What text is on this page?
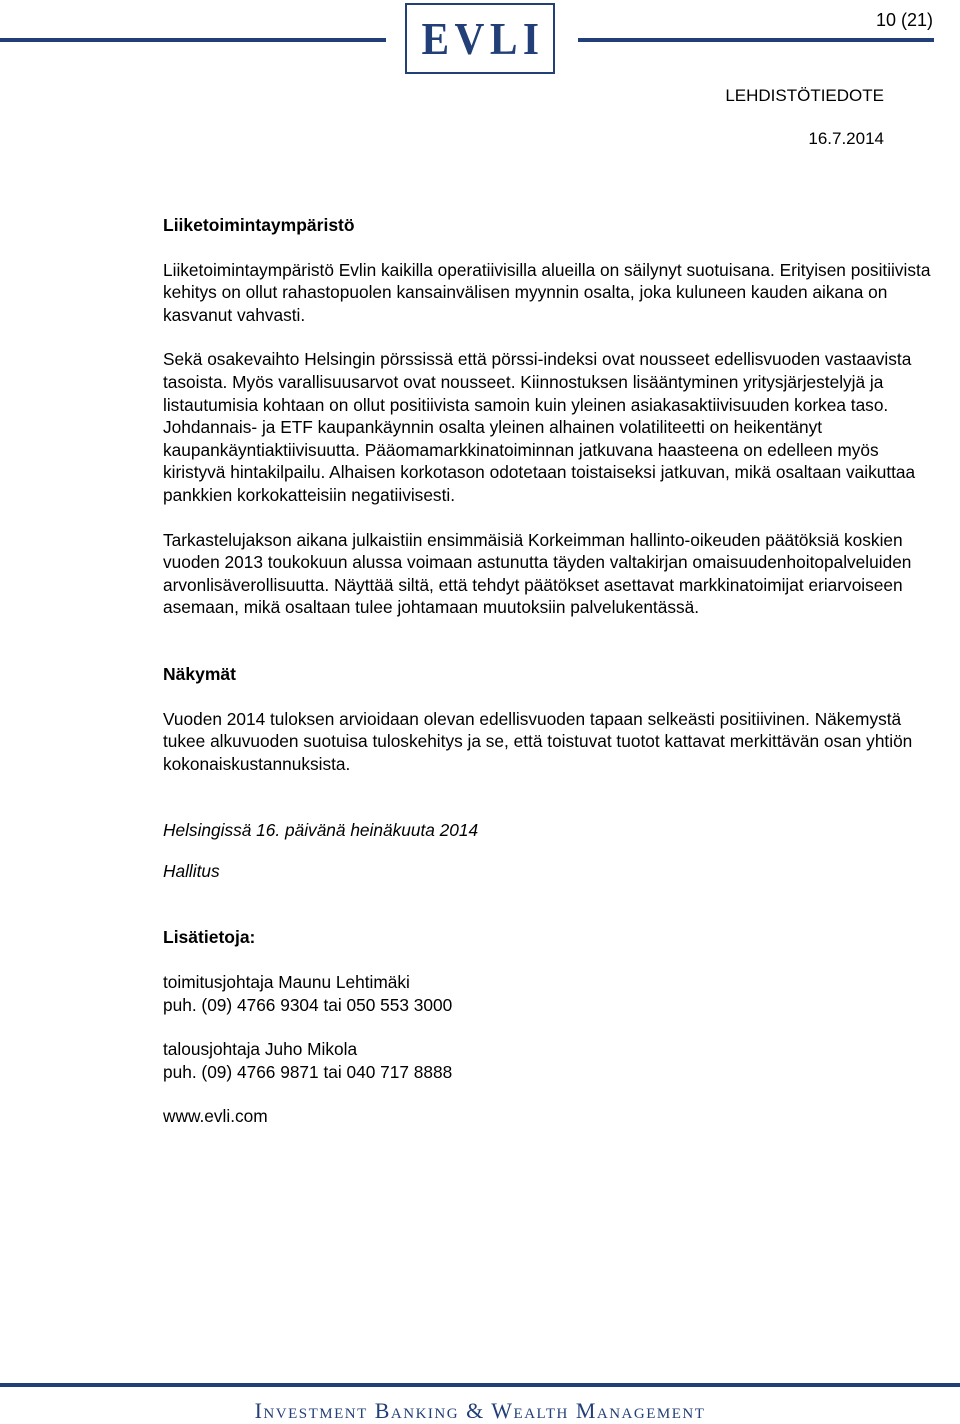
10 (21)
EVLI
LEHDISTÖTIEDOTE
16.7.2014
Liiketoimintaympäristö

Liiketoimintaympäristö Evlin kaikilla operatiivisilla alueilla on säilynyt suotuisana. Erityisen positiivista kehitys on ollut rahastopuolen kansainvälisen myynnin osalta, joka kuluneen kauden aikana on kasvanut vahvasti.

Sekä osakevaihto Helsingin pörssissä että pörssi-indeksi ovat nousseet edellisvuoden vastaavista tasoista. Myös varallisuusarvot ovat nousseet. Kiinnostuksen lisääntyminen yritysjärjestelyjä ja listautumisia kohtaan on ollut positiivista samoin kuin yleinen asiakasaktiivisuuden korkea taso. Johdannais- ja ETF kaupankäynnin osalta yleinen alhainen volatiliteetti on heikentänyt kaupankäyntiaktiivisuutta. Pääomamarkkinatoiminnan jatkuvana haasteena on edelleen myös kiristyvä hintakilpailu. Alhaisen korkotason odotetaan toistaiseksi jatkuvan, mikä osaltaan vaikuttaa pankkien korkokatteisiin negatiivisesti.

Tarkastelujakson aikana julkaistiin ensimmäisiä Korkeimman hallinto-oikeuden päätöksiä koskien vuoden 2013 toukokuun alussa voimaan astunutta täyden valtakirjan omaisuudenhoitopalveluiden arvonlisäverollisuutta. Näyttää siltä, että tehdyt päätökset asettavat markkinatoimijat eriarvoiseen asemaan, mikä osaltaan tulee johtamaan muutoksiin palvelukentässä.

Näkymät

Vuoden 2014 tuloksen arvioidaan olevan edellisvuoden tapaan selkeästi positiivinen. Näkemystä tukee alkuvuoden suotuisa tuloskehitys ja se, että toistuvat tuotot kattavat merkittävän osan yhtiön kokonaiskustannuksista.

Helsingissä 16. päivänä heinäkuuta 2014

Hallitus

Lisätietoja:

toimitusjohtaja Maunu Lehtimäki

puh. (09) 4766 9304 tai 050 553 3000

talousjohtaja Juho Mikola

puh. (09) 4766 9871 tai 040 717 8888

www.evli.com

Investment Banking & Wealth Management
